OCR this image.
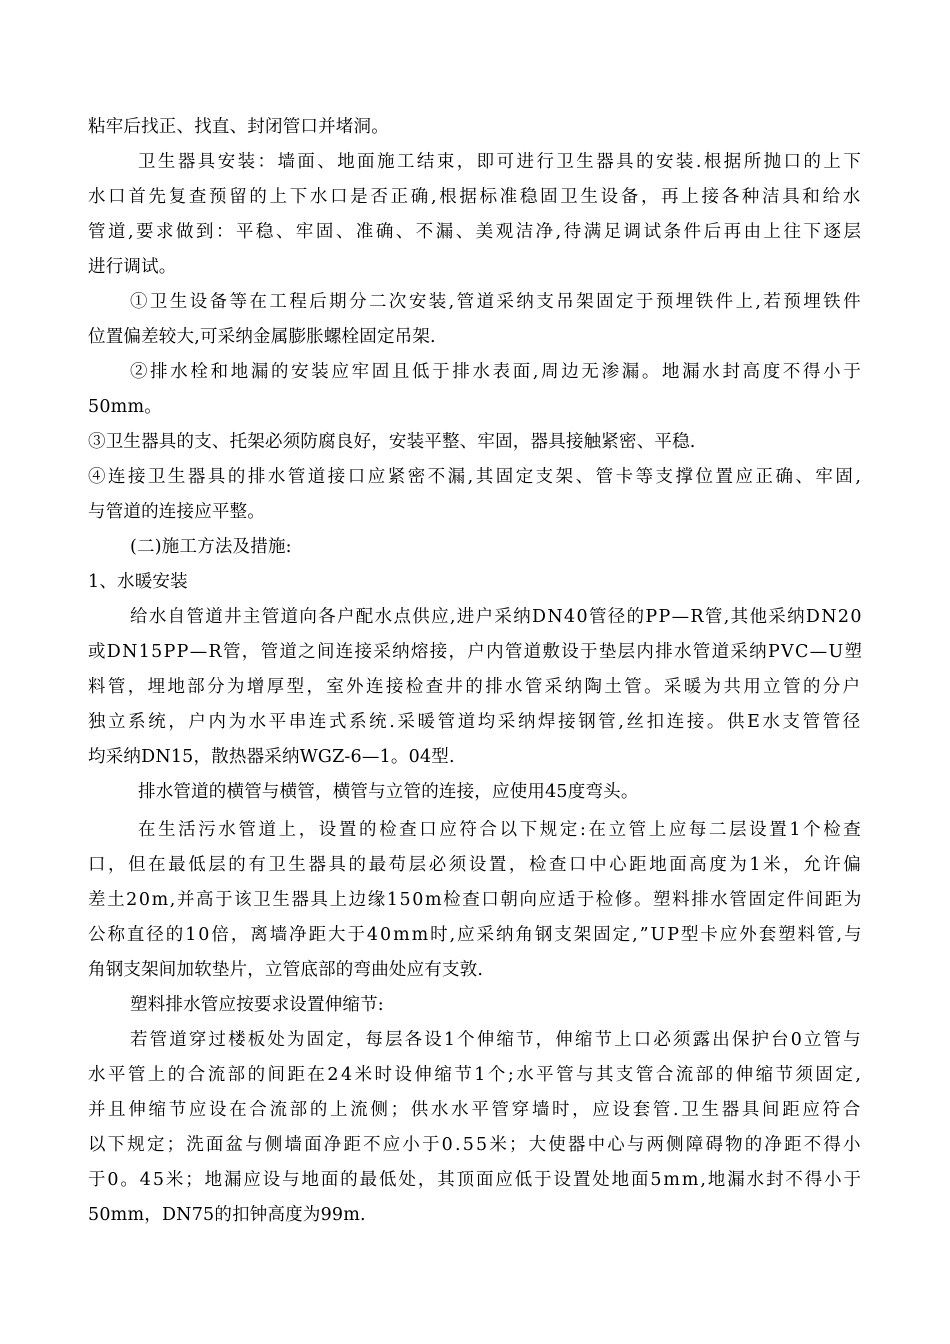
粘牢后找正、找直、封闭管口并堵洞。
卫生器具安装：墙面、地面施工结束，即可进行卫生器具的安装.根据所抛口的上下
水口首先复查预留的上下水口是否正确,根据标准稳固卫生设备，再上接各种洁具和给水
管道,要求做到：平稳、牢固、准确、不漏、美观洁净,待满足调试条件后再由上往下逐层
进行调试。
①卫生设备等在工程后期分二次安装,管道采纳支吊架固定于预埋铁件上,若预埋铁件
位置偏差较大,可采纳金属膨胀螺栓固定吊架.
②排水栓和地漏的安装应牢固且低于排水表面,周边无渗漏。地漏水封高度不得小于
50mm。
③卫生器具的支、托架必须防腐良好，安装平整、牢固，器具接触紧密、平稳.
④连接卫生器具的排水管道接口应紧密不漏,其固定支架、管卡等支撑位置应正确、牢固,
与管道的连接应平整。
(二)施工方法及措施:
1、水暖安装
给水自管道井主管道向各户配水点供应,进户采纳DN40管径的PP—R管,其他采纳DN20
或DN15PP—R管，管道之间连接采纳熔接，户内管道敷设于垫层内排水管道采纳PVC—U塑
料管，埋地部分为增厚型，室外连接检查井的排水管采纳陶土管。采暖为共用立管的分户
独立系统，户内为水平串连式系统.采暖管道均采纳焊接钢管,丝扣连接。供E水支管管径
均采纳DN15，散热器采纳WGZ-6—1。04型.
排水管道的横管与横管，横管与立管的连接，应使用45度弯头。
在生活污水管道上，设置的检查口应符合以下规定:在立管上应每二层设置1个检查
口，但在最低层的有卫生器具的最苟层必须设置，检查口中心距地面高度为1米，允许偏
差土20m,并高于该卫生器具上边缘150m检查口朝向应适于检修。塑料排水管固定件间距为
公称直径的10倍，离墙净距大于40mm时,应采纳角钢支架固定,”UP型卡应外套塑料管,与
角钢支架间加软垫片，立管底部的弯曲处应有支敦.
塑料排水管应按要求设置伸缩节:
若管道穿过楼板处为固定，每层各设1个伸缩节，伸缩节上口必须露出保护台0立管与
水平管上的合流部的间距在24米时设伸缩节1个;水平管与其支管合流部的伸缩节须固定,
并且伸缩节应设在合流部的上流侧；供水水平管穿墙时，应设套管.卫生器具间距应符合
以下规定；洗面盆与侧墙面净距不应小于0.55米；大使器中心与两侧障碍物的净距不得小
于0。45米；地漏应设与地面的最低处，其顶面应低于设置处地面5mm,地漏水封不得小于
50mm，DN75的扣钟高度为99m.
